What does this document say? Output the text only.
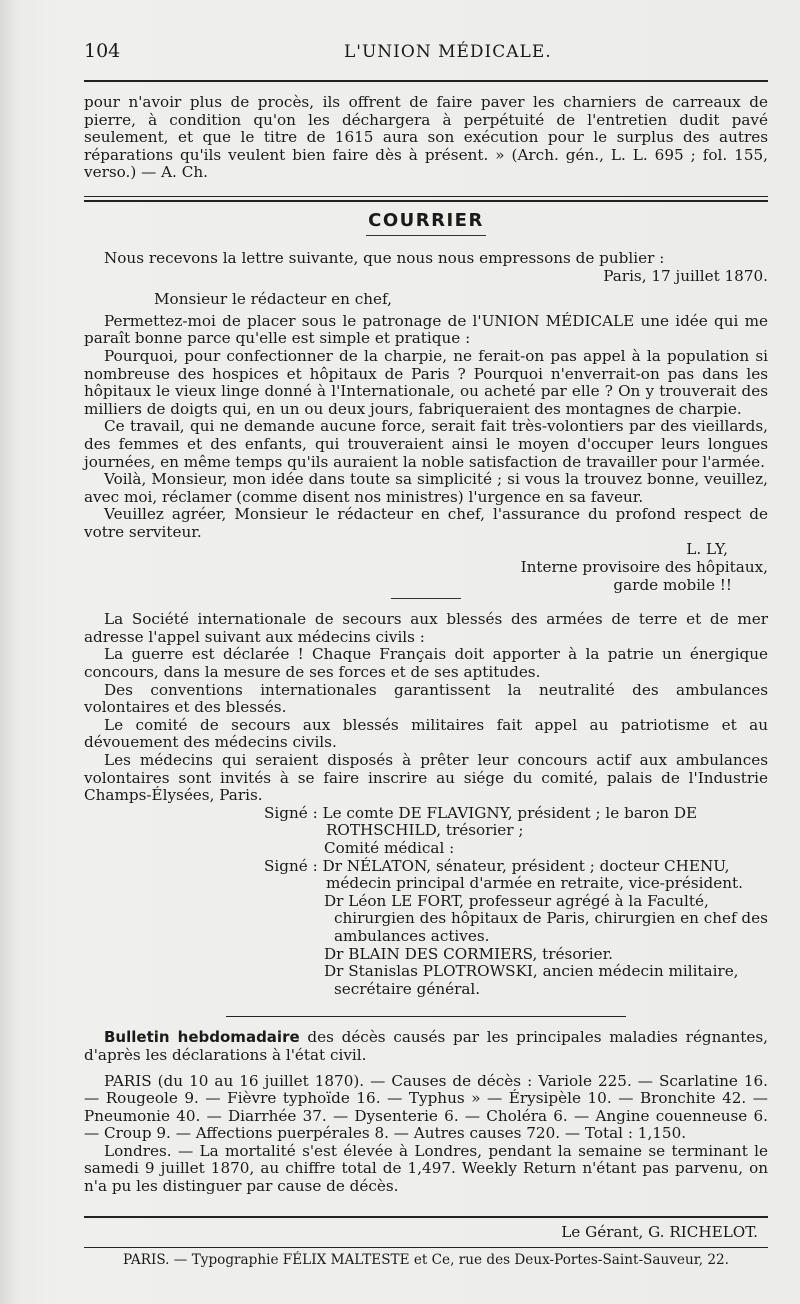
104	L'UNION MÉDICALE.

pour n'avoir plus de procès, ils offrent de faire paver les charniers de carreaux de pierre, à condition qu'on les déchargera à perpétuité de l'entretien dudit pavé seulement, et que le titre de 1615 aura son exécution pour le surplus des autres réparations qu'ils veulent bien faire dès à présent. » (Arch. gén., L. L. 695 ; fol. 155, verso.) — A. Ch.

COURRIER

Nous recevons la lettre suivante, que nous nous empressons de publier :

Paris, 17 juillet 1870.

Monsieur le rédacteur en chef,

Permettez-moi de placer sous le patronage de l'UNION MÉDICALE une idée qui me paraît bonne parce qu'elle est simple et pratique :

Pourquoi, pour confectionner de la charpie, ne ferait-on pas appel à la population si nombreuse des hospices et hôpitaux de Paris ? Pourquoi n'enverrait-on pas dans les hôpitaux le vieux linge donné à l'Internationale, ou acheté par elle ? On y trouverait des milliers de doigts qui, en un ou deux jours, fabriqueraient des montagnes de charpie.

Ce travail, qui ne demande aucune force, serait fait très-volontiers par des vieillards, des femmes et des enfants, qui trouveraient ainsi le moyen d'occuper leurs longues journées, en même temps qu'ils auraient la noble satisfaction de travailler pour l'armée.

Voilà, Monsieur, mon idée dans toute sa simplicité ; si vous la trouvez bonne, veuillez, avec moi, réclamer (comme disent nos ministres) l'urgence en sa faveur.

Veuillez agréer, Monsieur le rédacteur en chef, l'assurance du profond respect de votre serviteur.

L. LY,

Interne provisoire des hôpitaux,

garde mobile !!

La Société internationale de secours aux blessés des armées de terre et de mer adresse l'appel suivant aux médecins civils :

La guerre est déclarée ! Chaque Français doit apporter à la patrie un énergique concours, dans la mesure de ses forces et de ses aptitudes.

Des conventions internationales garantissent la neutralité des ambulances volontaires et des blessés.

Le comité de secours aux blessés militaires fait appel au patriotisme et au dévouement des médecins civils.

Les médecins qui seraient disposés à prêter leur concours actif aux ambulances volontaires sont invités à se faire inscrire au siége du comité, palais de l'Industrie Champs-Élysées, Paris.

Signé : Le comte DE FLAVIGNY, président ; le baron DE ROTHSCHILD, trésorier ;

Comité médical :

Signé : Dr NÉLATON, sénateur, président ; docteur CHENU, médecin principal d'armée en retraite, vice-président.

Dr Léon LE FORT, professeur agrégé à la Faculté, chirurgien des hôpitaux de Paris, chirurgien en chef des ambulances actives.

Dr BLAIN DES CORMIERS, trésorier.

Dr Stanislas PLOTROWSKI, ancien médecin militaire, secrétaire général.

Bulletin hebdomadaire des décès causés par les principales maladies régnantes, d'après les déclarations à l'état civil.

PARIS (du 10 au 16 juillet 1870). — Causes de décès : Variole 225. — Scarlatine 16. — Rougeole 9. — Fièvre typhoïde 16. — Typhus » — Érysipèle 10. — Bronchite 42. — Pneumonie 40. — Diarrhée 37. — Dysenterie 6. — Choléra 6. — Angine couenneuse 6. — Croup 9. — Affections puerpérales 8. — Autres causes 720. — Total : 1,150.

Londres. — La mortalité s'est élevée à Londres, pendant la semaine se terminant le samedi 9 juillet 1870, au chiffre total de 1,497. Weekly Return n'étant pas parvenu, on n'a pu les distinguer par cause de décès.

Le Gérant, G. RICHELOT.

PARIS. — Typographie FÉLIX MALTESTE et Ce, rue des Deux-Portes-Saint-Sauveur, 22.
